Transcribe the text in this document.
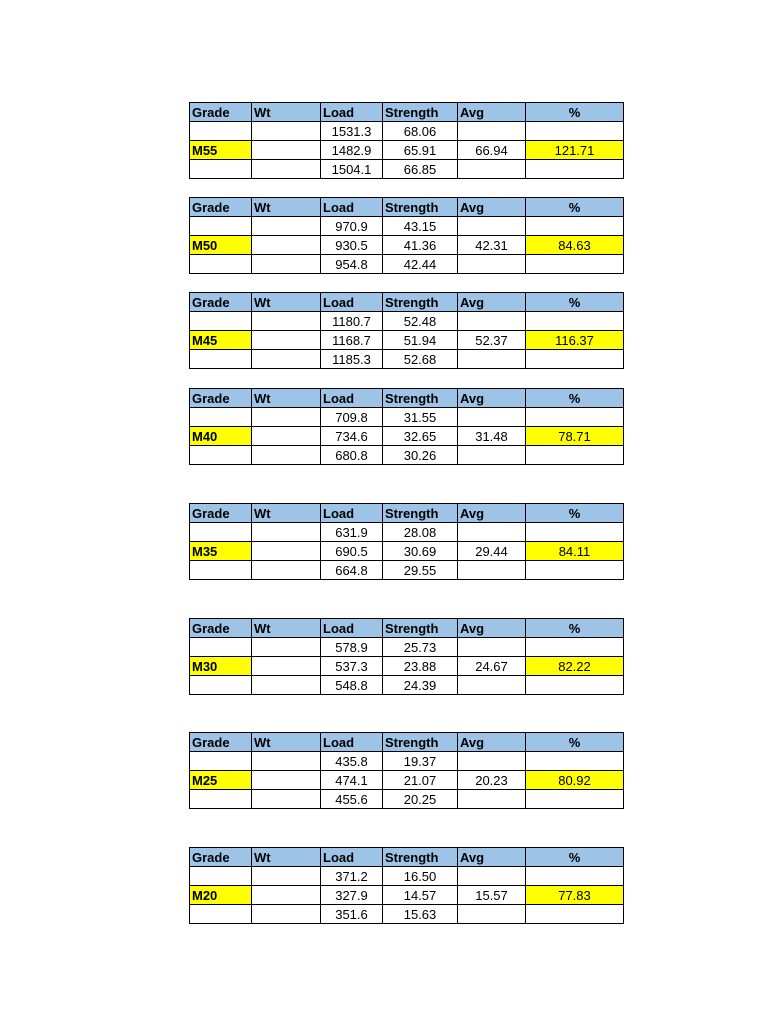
Grade	Wt	Load	Strength	Avg	%
		1531.3	68.06		
M55		1482.9	65.91	66.94	121.71
		1504.1	66.85		
Grade	Wt	Load	Strength	Avg	%
		970.9	43.15		
M50		930.5	41.36	42.31	84.63
		954.8	42.44		
Grade	Wt	Load	Strength	Avg	%
		1180.7	52.48		
M45		1168.7	51.94	52.37	116.37
		1185.3	52.68		
Grade	Wt	Load	Strength	Avg	%
		709.8	31.55		
M40		734.6	32.65	31.48	78.71
		680.8	30.26		
Grade	Wt	Load	Strength	Avg	%
		631.9	28.08		
M35		690.5	30.69	29.44	84.11
		664.8	29.55		
Grade	Wt	Load	Strength	Avg	%
		578.9	25.73		
M30		537.3	23.88	24.67	82.22
		548.8	24.39		
Grade	Wt	Load	Strength	Avg	%
		435.8	19.37		
M25		474.1	21.07	20.23	80.92
		455.6	20.25		
Grade	Wt	Load	Strength	Avg	%
		371.2	16.50		
M20		327.9	14.57	15.57	77.83
		351.6	15.63		
